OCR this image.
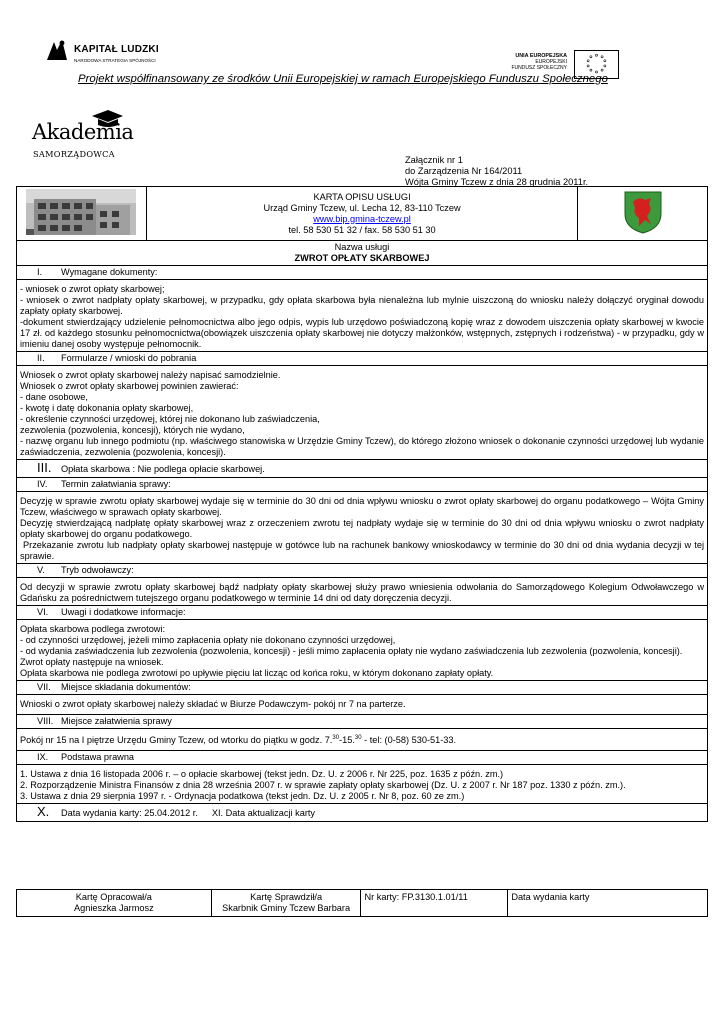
KAPITAŁ LUDZKI
NARODOWA STRATEGIA SPÓJNOŚCI
UNIA EUROPEJSKA
EUROPEJSKI
FUNDUSZ SPOŁECZNY
Projekt współfinansowany ze środków Unii Europejskiej w ramach Europejskiego Funduszu Społecznego
Akademia
SAMORZĄDOWCA
Załącznik nr 1
do Zarządzenia Nr 164/2011
Wójta Gminy Tczew z dnia 28 grudnia 2011r.

KARTA OPISU USŁUGI
Urząd Gminy Tczew, ul. Lecha 12, 83-110 Tczew
www.bip.gmina-tczew.pl
tel. 58 530 51 32 / fax. 58 530 51 30

Nazwa usługi
ZWROT OPŁATY SKARBOWEJ

I. Wymagane dokumenty:

- wniosek o zwrot opłaty skarbowej;
- wniosek o zwrot nadpłaty opłaty skarbowej, w przypadku, gdy opłata skarbowa była nienależna lub mylnie uiszczoną do wniosku należy dołączyć oryginał dowodu zapłaty opłaty skarbowej.
-dokument stwierdzający udzielenie pełnomocnictwa albo jego odpis, wypis lub urzędowo poświadczoną kopię wraz z dowodem uiszczenia opłaty skarbowej w kwocie 17 zł. od każdego stosunku pełnomocnictwa(obowiązek uiszczenia opłaty skarbowej nie dotyczy małżonków, wstępnych, zstępnych i rodzeństwa) - w przypadku, gdy w imieniu danej osoby występuje pełnomocnik.

II. Formularze / wnioski do pobrania

Wniosek o zwrot opłaty skarbowej należy napisać samodzielnie.
Wniosek o zwrot opłaty skarbowej powinien zawierać:
- dane osobowe,
- kwotę i datę dokonania opłaty skarbowej,
- określenie czynności urzędowej, której nie dokonano lub zaświadczenia,
zezwolenia (pozwolenia, koncesji), których nie wydano,
- nazwę organu lub innego podmiotu (np. właściwego stanowiska w Urzędzie Gminy Tczew), do którego złożono wniosek o dokonanie czynności urzędowej lub wydanie zaświadczenia, zezwolenia (pozwolenia, koncesji).

III. Opłata skarbowa : Nie podlega opłacie skarbowej.
IV. Termin załatwiania sprawy:

Decyzję w sprawie zwrotu opłaty skarbowej wydaje się w terminie do 30 dni od dnia wpływu wniosku o zwrot opłaty skarbowej do organu podatkowego – Wójta Gminy Tczew, właściwego w sprawach opłaty skarbowej.
Decyzję stwierdzającą nadpłatę opłaty skarbowej wraz z orzeczeniem zwrotu tej nadpłaty wydaje się w terminie do 30 dni od dnia wpływu wniosku o zwrot nadpłaty opłaty skarbowej do organu podatkowego.
Przekazanie zwrotu lub nadpłaty opłaty skarbowej następuje w gotówce lub na rachunek bankowy wnioskodawcy w terminie do 30 dni od dnia wydania decyzji w tej sprawie.

V. Tryb odwoławczy:

Od decyzji w sprawie zwrotu opłaty skarbowej bądź nadpłaty opłaty skarbowej służy prawo wniesienia odwołania do Samorządowego Kolegium Odwoławczego w Gdańsku za pośrednictwem tutejszego organu podatkowego w terminie 14 dni od daty doręczenia decyzji.

VI. Uwagi i dodatkowe informacje:

Opłata skarbowa podlega zwrotowi:
- od czynności urzędowej, jeżeli mimo zapłacenia opłaty nie dokonano czynności urzędowej,
- od wydania zaświadczenia lub zezwolenia (pozwolenia, koncesji) - jeśli mimo zapłacenia opłaty nie wydano zaświadczenia lub zezwolenia (pozwolenia, koncesji).
Zwrot opłaty następuje na wniosek.
Opłata skarbowa nie podlega zwrotowi po upływie pięciu lat licząc od końca roku, w którym dokonano zapłaty opłaty.

VII. Miejsce składania dokumentów:

Wnioski o zwrot opłaty skarbowej należy składać w Biurze Podawczym- pokój nr 7 na parterze.

VIII. Miejsce załatwienia sprawy
Pokój nr 15 na I piętrze Urzędu Gminy Tczew, od wtorku do piątku w godz. 7.30-15.30 - tel: (0-58) 530-51-33.
IX. Podstawa prawna

1. Ustawa z dnia 16 listopada 2006 r. – o opłacie skarbowej (tekst jedn. Dz. U. z 2006 r. Nr 225, poz. 1635 z późn. zm.)
2. Rozporządzenie Ministra Finansów z dnia 28 września 2007 r. w sprawie zapłaty opłaty skarbowej (Dz. U. z 2007 r. Nr 187 poz. 1330 z późn. zm.).
3. Ustawa z dnia 29 sierpnia 1997 r. - Ordynacja podatkowa (tekst jedn. Dz. U. z 2005 r. Nr 8, poz. 60 ze zm.)

X. Data wydania karty: 25.04.2012 r. XI. Data aktualizacji karty
Kartę Opracował/a
Agnieszka Jarmosz

Kartę Sprawdził/a
Skarbnik Gminy Tczew Barbara
	Nr karty: FP.3130.1.01/11	Data wydania karty
